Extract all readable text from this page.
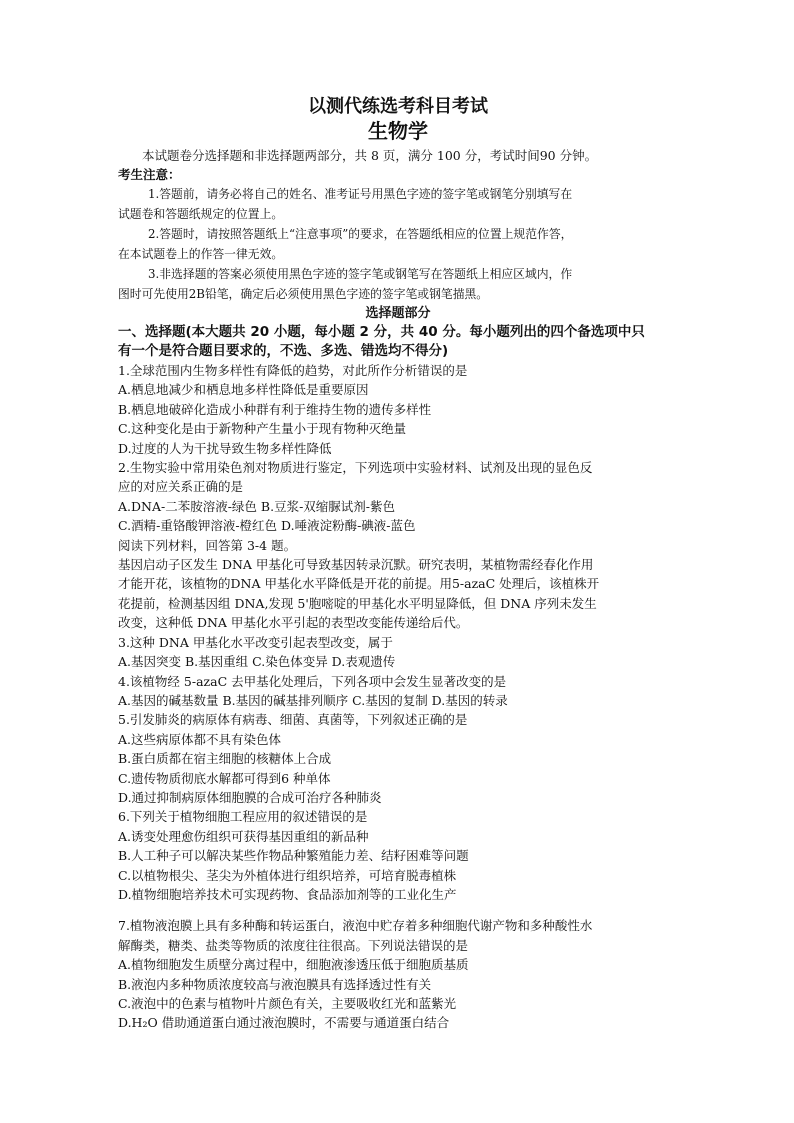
以测代练选考科目考试

生物学

本试题卷分选择题和非选择题两部分，共 8 页，满分 100 分，考试时间90 分钟。

考生注意：

1.答题前，请务必将自己的姓名、准考证号用黑色字迹的签字笔或钢笔分别填写在

试题卷和答题纸规定的位置上。

2.答题时，请按照答题纸上“注意事项”的要求，在答题纸相应的位置上规范作答，

在本试题卷上的作答一律无效。

3.非选择题的答案必须使用黑色字迹的签字笔或钢笔写在答题纸上相应区域内，作

图时可先使用2B铅笔，确定后必须使用黑色字迹的签字笔或钢笔描黑。

选择题部分

一、选择题(本大题共 20 小题，每小题 2 分，共 40 分。每小题列出的四个备选项中只

有一个是符合题目要求的，不选、多选、错选均不得分)

1.全球范围内生物多样性有降低的趋势，对此所作分析错误的是

A.栖息地减少和栖息地多样性降低是重要原因

B.栖息地破碎化造成小种群有利于维持生物的遗传多样性

C.这种变化是由于新物种产生量小于现有物种灭绝量

D.过度的人为干扰导致生物多样性降低

2.生物实验中常用染色剂对物质进行鉴定，下列选项中实验材料、试剂及出现的显色反

应的对应关系正确的是

A.DNA-二苯胺溶液-绿色 B.豆浆-双缩脲试剂-紫色

C.酒精-重铬酸钾溶液-橙红色 D.唾液淀粉酶-碘液-蓝色

阅读下列材料，回答第 3-4 题。

基因启动子区发生 DNA 甲基化可导致基因转录沉默。研究表明，某植物需经春化作用

才能开花，该植物的DNA 甲基化水平降低是开花的前提。用5-azaC 处理后，该植株开

花提前，检测基因组 DNA,发现 5'胞嘧啶的甲基化水平明显降低，但 DNA 序列未发生

改变，这种低 DNA 甲基化水平引起的表型改变能传递给后代。

3.这种 DNA 甲基化水平改变引起表型改变，属于

A.基因突变 B.基因重组 C.染色体变异 D.表观遗传

4.该植物经 5-azaC 去甲基化处理后，下列各项中会发生显著改变的是

A.基因的碱基数量 B.基因的碱基排列顺序 C.基因的复制 D.基因的转录

5.引发肺炎的病原体有病毒、细菌、真菌等，下列叙述正确的是

A.这些病原体都不具有染色体

B.蛋白质都在宿主细胞的核糖体上合成

C.遗传物质彻底水解都可得到6 种单体

D.通过抑制病原体细胞膜的合成可治疗各种肺炎

6.下列关于植物细胞工程应用的叙述错误的是

A.诱变处理愈伤组织可获得基因重组的新品种

B.人工种子可以解决某些作物品种繁殖能力差、结籽困难等问题

C.以植物根尖、茎尖为外植体进行组织培养，可培育脱毒植株

D.植物细胞培养技术可实现药物、食品添加剂等的工业化生产

7.植物液泡膜上具有多种酶和转运蛋白，液泡中贮存着多种细胞代谢产物和多种酸性水

解酶类，糖类、盐类等物质的浓度往往很高。下列说法错误的是

A.植物细胞发生质壁分离过程中，细胞液渗透压低于细胞质基质

B.液泡内多种物质浓度较高与液泡膜具有选择透过性有关

C.液泡中的色素与植物叶片颜色有关，主要吸收红光和蓝紫光

D.H₂O 借助通道蛋白通过液泡膜时，不需要与通道蛋白结合
